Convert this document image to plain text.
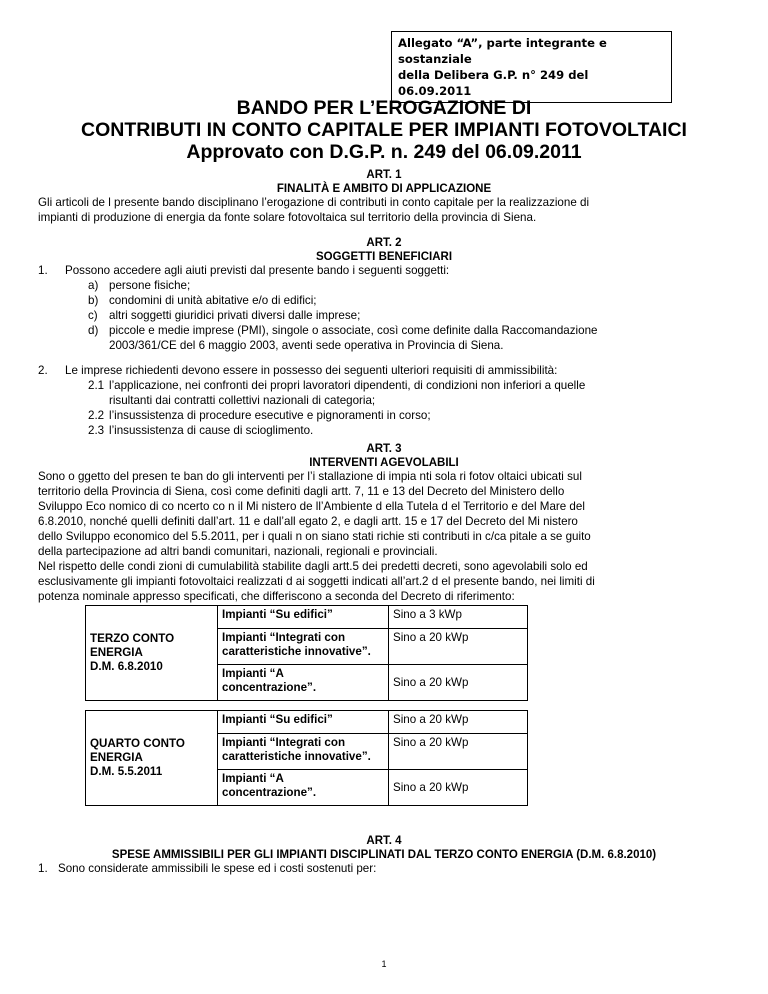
Allegato “A”, parte integrante e sostanziale
della Delibera G.P. n° 249 del 06.09.2011
BANDO PER L’EROGAZIONE DI
CONTRIBUTI IN CONTO CAPITALE PER IMPIANTI FOTOVOLTAICI
Approvato con D.G.P. n. 249 del 06.09.2011
ART. 1
FINALITÀ E AMBITO DI APPLICAZIONE
Gli articoli de l presente bando disciplinano l’erogazione di contributi in conto capitale per la realizzazione di
impianti di produzione di energia da fonte solare fotovoltaica sul territorio della provincia di Siena.
ART. 2
SOGGETTI BENEFICIARI
1. Possono accedere agli aiuti previsti dal presente bando i seguenti soggetti:
a) persone fisiche;
b) condomini di unità abitative e/o di edifici;
c) altri soggetti giuridici privati diversi dalle imprese;
d) piccole e medie imprese (PMI), singole o associate, così come definite dalla Raccomandazione
2003/361/CE del 6 maggio 2003, aventi sede operativa in Provincia di Siena.
2. Le imprese richiedenti devono essere in possesso dei seguenti ulteriori requisiti di ammissibilità:
2.1 l’applicazione, nei confronti dei propri lavoratori dipendenti, di condizioni non inferiori a quelle
risultanti dai contratti collettivi nazionali di categoria;
2.2 l’insussistenza di procedure esecutive e pignoramenti in corso;
2.3 l’insussistenza di cause di scioglimento.
ART. 3
INTERVENTI AGEVOLABILI
Sono o ggetto del presen te ban do gli interventi per l’i stallazione di impia nti sola ri fotov oltaici ubicati sul
territorio della Provincia di Siena, così come definiti dagli artt. 7, 11 e 13 del Decreto del Ministero dello
Sviluppo Eco nomico di co ncerto co n il Mi nistero de ll’Ambiente d ella Tutela d el Territorio e del Mare del
6.8.2010, nonché quelli definiti dall’art. 11 e dall’all egato 2, e dagli artt. 15 e 17 del Decreto del Mi nistero
dello Sviluppo economico del 5.5.2011, per i quali n on siano stati richie sti contributi in c/ca pitale a se guito
della partecipazione ad altri bandi comunitari, nazionali, regionali e provinciali.
Nel rispetto delle condi zioni di cumulabilità stabilite dagli artt.5 dei predetti decreti, sono agevolabili solo ed
esclusivamente gli impianti fotovoltaici realizzati d ai soggetti indicati all’art.2 d el presente bando, nei limiti di
potenza nominale appresso specificati, che differiscono a seconda del Decreto di riferimento:
TERZO CONTO
ENERGIA
D.M. 6.8.2010	Impianti “Su edifici”	Sino a 3 kWp

	Impianti “Integrati con
caratteristiche innovative”.	Sino a 20 kWp

	Impianti “A
concentrazione”.	Sino a 20 kWp
QUARTO CONTO
ENERGIA
D.M. 5.5.2011	Impianti “Su edifici”	Sino a 20 kWp

	Impianti “Integrati con
caratteristiche innovative”.	Sino a 20 kWp

	Impianti “A
concentrazione”.	Sino a 20 kWp
ART. 4
SPESE AMMISSIBILI PER GLI IMPIANTI DISCIPLINATI DAL TERZO CONTO ENERGIA (D.M. 6.8.2010)
1. Sono considerate ammissibili le spese ed i costi sostenuti per:
1
